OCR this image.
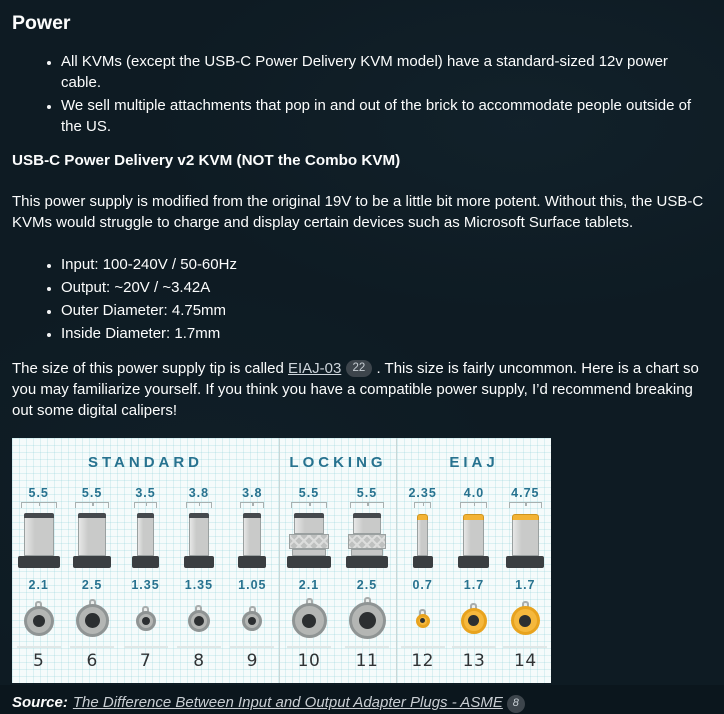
Power
• All KVMs (except the USB-C Power Delivery KVM model) have a standard-sized 12v power cable.
• We sell multiple attachments that pop in and out of the brick to accommodate people outside of the US.
USB-C Power Delivery v2 KVM (NOT the Combo KVM)

This power supply is modified from the original 19V to be a little bit more potent. Without this, the USB-C KVMs would struggle to charge and display certain devices such as Microsoft Surface tablets.

• Input: 100-240V / 50-60Hz
• Output: ~20V / ~3.42A
• Outer Diameter: 4.75mm
• Inside Diameter: 1.7mm

The size of this power supply tip is called EIAJ-03 22 . This size is fairly uncommon. Here is a chart so you may familiarize yourself. If you think you have a compatible power supply, I’d recommend breaking out some digital calipers!

STANDARD
5.5
2.1
5
5.5
2.5
6
3.5
1.35
7
3.8
1.35
8
3.8
1.05
9
LOCKING
5.5
2.1
10
5.5
2.5
11
EIAJ
2.35
0.7
12
4.0
1.7
13
4.75
1.7
14
Source: The Difference Between Input and Output Adapter Plugs - ASME 8
